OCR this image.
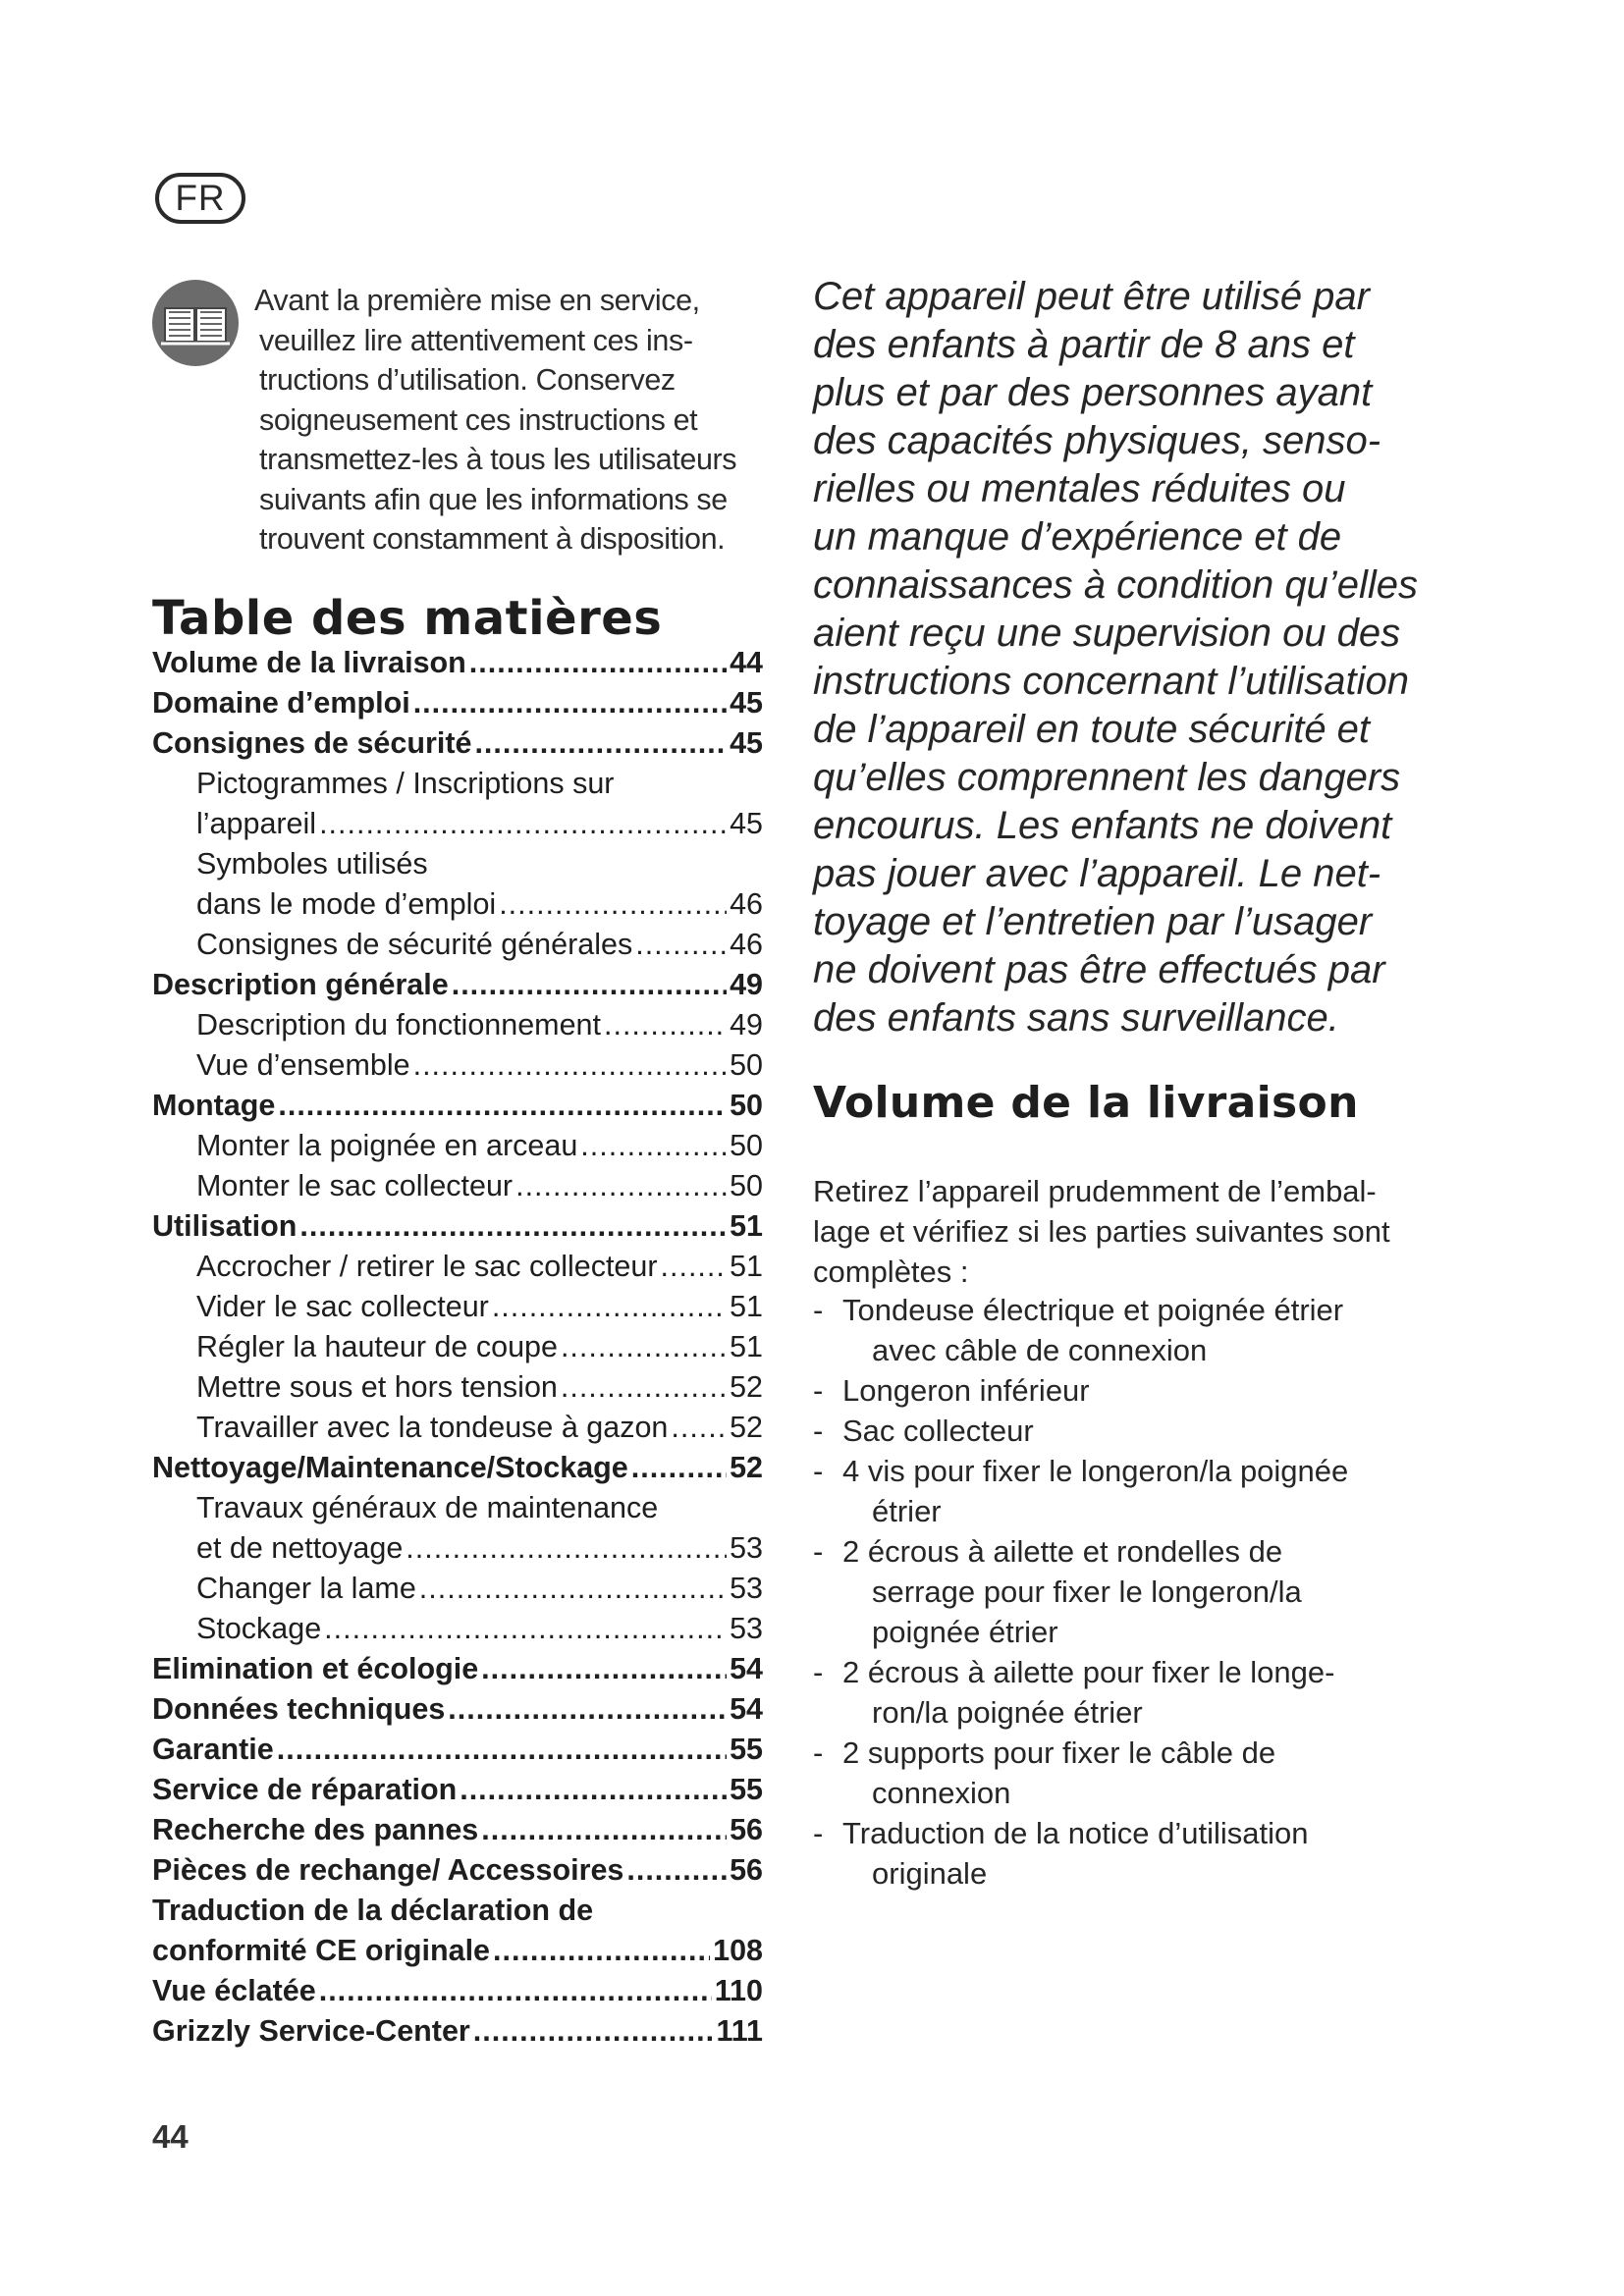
FR
Avant la première mise en service,
veuillez lire attentivement ces ins-
tructions d’utilisation. Conservez
soigneusement ces instructions et
transmettez-les à tous les utilisateurs
suivants afin que les informations se
trouvent constamment à disposition.
Table des matières
Volume de la livraison .....	44
Domaine d’emploi .....	45
Consignes de sécurité .....	45
Pictogrammes / Inscriptions sur
l’appareil .....	45
Symboles utilisés
dans le mode d’emploi .....	46
Consignes de sécurité générales .....	46
Description générale .....	49
Description du fonctionnement .....	49
Vue d’ensemble .....	50
Montage .....	50
Monter la poignée en arceau .....	50
Monter le sac collecteur .....	50
Utilisation .....	51
Accrocher / retirer le sac collecteur ..... 51
Vider le sac collecteur .....	51
Régler la hauteur de coupe .....	51
Mettre sous et hors tension .....	52
Travailler avec la tondeuse à gazon ..... 52
Nettoyage/Maintenance/Stockage .....	52
Travaux généraux de maintenance
et de nettoyage .....	53
Changer la lame .....	53
Stockage .....	53
Elimination et écologie .....	54
Données techniques .....	54
Garantie .....	55
Service de réparation .....	55
Recherche des pannes .....	56
Pièces de rechange/ Accessoires .....	56
Traduction de la déclaration de
conformité CE originale .....	108
Vue éclatée .....	110
Grizzly Service-Center .....	111
Cet appareil peut être utilisé par
des enfants à partir de 8 ans et
plus et par des personnes ayant
des capacités physiques, senso-
rielles ou mentales réduites ou
un manque d’expérience et de
connaissances à condition qu’elles
aient reçu une supervision ou des
instructions concernant l’utilisation
de l’appareil en toute sécurité et
qu’elles comprennent les dangers
encourus. Les enfants ne doivent
pas jouer avec l’appareil. Le net-
toyage et l’entretien par l’usager
ne doivent pas être effectués par
des enfants sans surveillance.
Volume de la livraison
Retirez l’appareil prudemment de l’embal-
lage et vérifiez si les parties suivantes sont
complètes :
- Tondeuse électrique et poignée étrier
avec câble de connexion
- Longeron inférieur
- Sac collecteur
- 4 vis pour fixer le longeron/la poignée
étrier
- 2 écrous à ailette et rondelles de
serrage pour fixer le longeron/la
poignée étrier
- 2 écrous à ailette pour fixer le longe-
ron/la poignée étrier
- 2 supports pour fixer le câble de
connexion
- Traduction de la notice d’utilisation
originale
44
